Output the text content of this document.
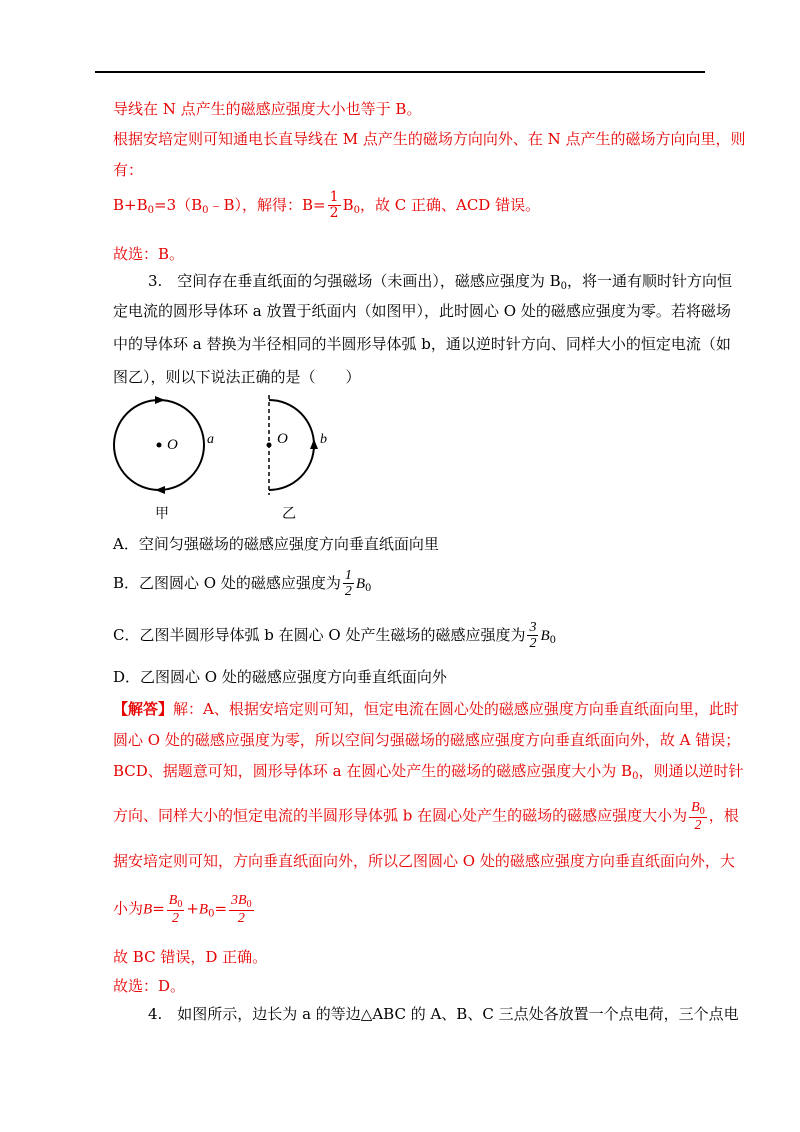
导线在 N 点产生的磁感应强度大小也等于 B。
根据安培定则可知通电长直导线在 M 点产生的磁场方向向外、在 N 点产生的磁场方向向里，则
有：
$B+B_0=3(B_0﹣B)$，解得：$B= \frac{1}{2} B_0$，故 C 正确、ACD 错误。
故选：B。
3.　空间存在垂直纸面的匀强磁场（未画出），磁感应强度为 $B_0$，将一通有顺时针方向恒
定电流的圆形导体环 a 放置于纸面内（如图甲），此时圆心 O 处的磁感应强度为零。若将磁场
中的导体环 a 替换为半径相同的半圆形导体弧 b，通以逆时针方向、同样大小的恒定电流（如
图乙），则以下说法正确的是（　　）
O a
甲
O b
乙
A．空间匀强磁场的磁感应强度方向垂直纸面向里
B．乙图圆心 O 处的磁感应强度为 $\frac{1}{2} B_0$
C．乙图半圆形导体弧 b 在圆心 O 处产生磁场的磁感应强度为 $\frac{3}{2} B_0$
D．乙图圆心 O 处的磁感应强度方向垂直纸面向外
【解答】解：A、根据安培定则可知，恒定电流在圆心处的磁感应强度方向垂直纸面向里，此时
圆心 O 处的磁感应强度为零，所以空间匀强磁场的磁感应强度方向垂直纸面向外，故 A 错误；
BCD、据题意可知，圆形导体环 a 在圆心处产生的磁场的磁感应强度大小为 $B_0$，则通以逆时针
方向、同样大小的恒定电流的半圆形导体弧 b 在圆心处产生的磁场的磁感应强度大小为 $\frac{B_0}{2}$ ，根
据安培定则可知，方向垂直纸面向外，所以乙图圆心 O 处的磁感应强度方向垂直纸面向外，大
小为$B= \frac{B_0}{2} +B_0= \frac{3B_0}{2}$
故 BC 错误，D 正确。
故选：D。
4.　如图所示，边长为 a 的等边△ABC 的 A、B、C 三点处各放置一个点电荷，三个点电
